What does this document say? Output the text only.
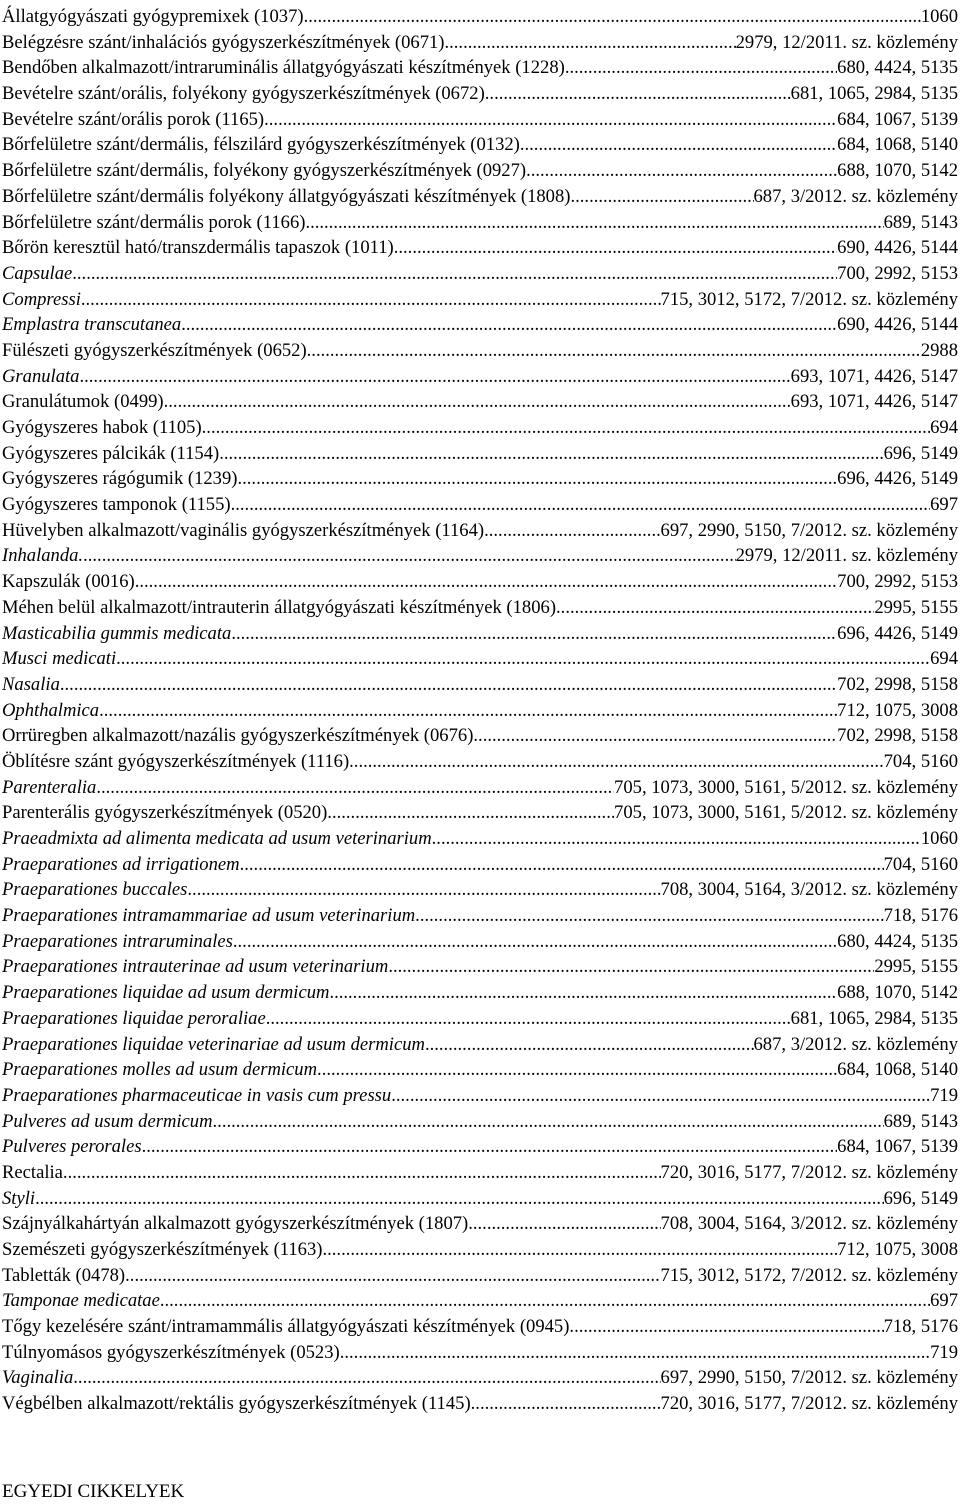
Állatgyógyászati gyógypremixek (1037) .....	1060
Belégzésre szánt/inhalációs gyógyszerkészítmények (0671) .....	2979, 12/2011. sz. közlemény
Bendőben alkalmazott/intraruminális állatgyógyászati készítmények (1228) .....	680, 4424, 5135
Bevételre szánt/orális, folyékony gyógyszerkészítmények (0672) .....	681, 1065, 2984, 5135
Bevételre szánt/orális porok (1165) .....	684, 1067, 5139
Bőrfelületre szánt/dermális, félszilárd gyógyszerkészítmények (0132) .....	684, 1068, 5140
Bőrfelületre szánt/dermális, folyékony gyógyszerkészítmények (0927) .....	688, 1070, 5142
Bőrfelületre szánt/dermális folyékony állatgyógyászati készítmények (1808) .....	687, 3/2012. sz. közlemény
Bőrfelületre szánt/dermális porok (1166) .....	689, 5143
Bőrön keresztül ható/transzdermális tapaszok (1011) .....	690, 4426, 5144
Capsulae .....	700, 2992, 5153
Compressi .....	715, 3012, 5172, 7/2012. sz. közlemény
Emplastra transcutanea .....	690, 4426, 5144
Fülészeti gyógyszerkészítmények (0652) .....	2988
Granulata .....	693, 1071, 4426, 5147
Granulátumok (0499) .....	693, 1071, 4426, 5147
Gyógyszeres habok (1105) .....	694
Gyógyszeres pálcikák (1154) .....	696, 5149
Gyógyszeres rágógumik (1239) .....	696, 4426, 5149
Gyógyszeres tamponok (1155) .....	697
Hüvelyben alkalmazott/vaginális gyógyszerkészítmények (1164) .....	697, 2990, 5150, 7/2012. sz. közlemény
Inhalanda. .....	2979, 12/2011. sz. közlemény
Kapszulák (0016) .....	700, 2992, 5153
Méhen belül alkalmazott/intrauterin állatgyógyászati készítmények (1806) .....	2995, 5155
Masticabilia gummis medicata .....	696, 4426, 5149
Musci medicati .....	694
Nasalia .....	702, 2998, 5158
Ophthalmica .....	712, 1075, 3008
Orrüregben alkalmazott/nazális gyógyszerkészítmények (0676) .....	702, 2998, 5158
Öblítésre szánt gyógyszerkészítmények (1116) .....	704, 5160
Parenteralia .....	705, 1073, 3000, 5161, 5/2012. sz. közlemény
Parenterális gyógyszerkészítmények (0520) .....	705, 1073, 3000, 5161, 5/2012. sz. közlemény
Praeadmixta ad alimenta medicata ad usum veterinarium .....	1060
Praeparationes ad irrigationem .....	704, 5160
Praeparationes buccales .....	708, 3004, 5164, 3/2012. sz. közlemény
Praeparationes intramammariae ad usum veterinarium .....	718, 5176
Praeparationes intraruminales .....	680, 4424, 5135
Praeparationes intrauterinae ad usum veterinarium .....	2995, 5155
Praeparationes liquidae ad usum dermicum .....	688, 1070, 5142
Praeparationes liquidae peroraliae .....	681, 1065, 2984, 5135
Praeparationes liquidae veterinariae ad usum dermicum .....	687, 3/2012. sz. közlemény
Praeparationes molles ad usum dermicum .....	684, 1068, 5140
Praeparationes pharmaceuticae in vasis cum pressu .....	719
Pulveres ad usum dermicum .....	689, 5143
Pulveres perorales .....	684, 1067, 5139
Rectalia .....	720, 3016, 5177, 7/2012. sz. közlemény
Styli .....	696, 5149
Szájnyálkahártyán alkalmazott gyógyszerkészítmények (1807) .....	708, 3004, 5164, 3/2012. sz. közlemény
Szemészeti gyógyszerkészítmények (1163) .....	712, 1075, 3008
Tabletták (0478) .....	715, 3012, 5172, 7/2012. sz. közlemény
Tamponae medicatae .....	697
Tőgy kezelésére szánt/intramammális állatgyógyászati készítmények (0945) .....	718, 5176
Túlnyomásos gyógyszerkészítmények (0523) .....	719
Vaginalia .....	697, 2990, 5150, 7/2012. sz. közlemény
Végbélben alkalmazott/rektális gyógyszerkészítmények (1145) .....	720, 3016, 5177, 7/2012. sz. közlemény
EGYEDI CIKKELYEK
